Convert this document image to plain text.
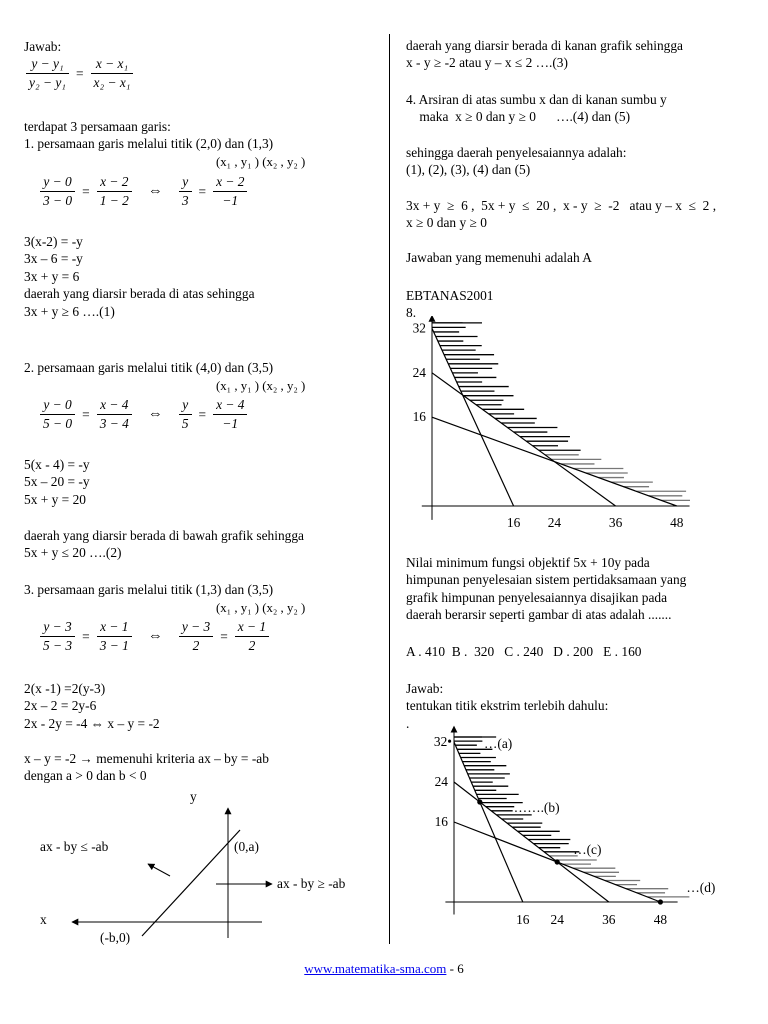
Jawab:
$\frac{\text{y − y₁}}{\text{y₂ − y₁}} = \frac{\text{x − x₁}}{\text{x₂ − x₁}}$
terdapat 3 persamaan garis:
1. persamaan garis melalui titik (2,0) dan (1,3)
(x₁ , y₁ ) (x₂ , y₂ )
$\frac{y - 0}{3 - 0} = \frac{x - 2}{1 - 2}$ ⇔ $\frac{y}{3} = \frac{x - 2}{-1}$
3(x-2) = -y
3x – 6 = -y
3x + y = 6
daerah yang diarsir berada di atas sehingga
3x + y ≥ 6 ….(1)
2. persamaan garis melalui titik (4,0) dan (3,5)
(x₁ , y₁ ) (x₂ , y₂ )
$\frac{y - 0}{5 - 0} = \frac{x - 4}{3 - 4}$ ⇔ $\frac{y}{5} = \frac{x - 4}{-1}$
5(x - 4) = -y
5x – 20 = -y
5x + y = 20
daerah yang diarsir berada di bawah grafik sehingga
5x + y ≤ 20 ….(2)
3. persamaan garis melalui titik (1,3) dan (3,5)
(x₁ , y₁ ) (x₂ , y₂ )
$\frac{y - 3}{5 - 3} = \frac{x - 1}{3 - 1}$ ⇔ $\frac{y - 3}{2} = \frac{x - 1}{2}$
2(x -1) =2(y-3)
2x – 2 = 2y-6
2x - 2y = -4 ⇔ x – y = -2
x – y = -2 → memenuhi kriteria ax – by = -ab
dengan a > 0 dan b < 0
y
x
ax - by ≤ -ab	(0,a)
ax - by ≥ -ab
(-b,0)
daerah yang diarsir berada di kanan grafik sehingga
x - y ≥ -2 atau y – x ≤ 2 ….(3)
4. Arsiran di atas sumbu x dan di kanan sumbu y
maka  x ≥ 0 dan y ≥ 0      ….(4) dan (5)
sehingga daerah penyelesaiannya adalah:
(1), (2), (3), (4) dan (5)
3x + y  ≥  6 ,  5x + y  ≤  20 ,  x - y  ≥  -2   atau y – x  ≤  2 ,
x ≥ 0 dan y ≥ 0
Jawaban yang memenuhi adalah A
EBTANAS2001
8.
16 24	36	48
32
24
16
Nilai minimum fungsi objektif 5x + 10y pada
himpunan penyelesaian sistem pertidaksamaan yang
grafik himpunan penyelesaiannya disajikan pada
daerah berarsir seperti gambar di atas adalah .......
A . 410  B .  320   C . 240   D . 200   E . 160
Jawab:
tentukan titik ekstrim terlebih dahulu:
.
16 24	36	48
24
16
32• …(a)
…….(b)
…(c)
…(d)
www.matematika-sma.com - 6
